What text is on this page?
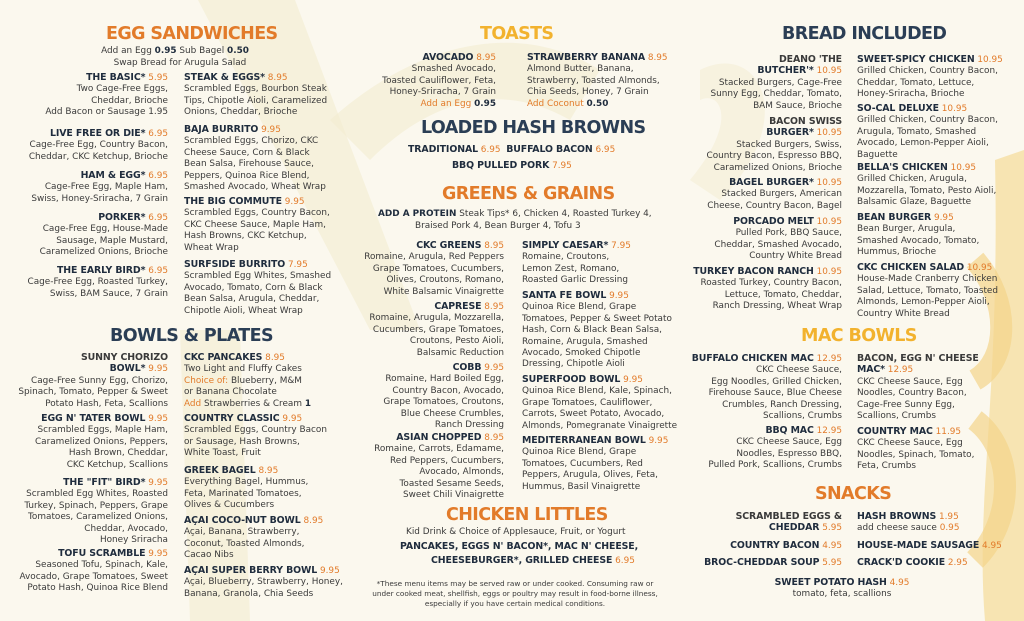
EGG SANDWICHES
Add an Egg 0.95 Sub Bagel 0.50
Swap Bread for Arugula Salad
THE BASIC* 5.95
Two Cage-Free Eggs,
Cheddar, Brioche
Add Bacon or Sausage 1.95
LIVE FREE OR DIE* 6.95
Cage-Free Egg, Country Bacon,
Cheddar, CKC Ketchup, Brioche
HAM & EGG* 6.95
Cage-Free Egg, Maple Ham,
Swiss, Honey-Sriracha, 7 Grain
PORKER* 6.95
Cage-Free Egg, House-Made
Sausage, Maple Mustard,
Caramelized Onions, Brioche
THE EARLY BIRD* 6.95
Cage-Free Egg, Roasted Turkey,
Swiss, BAM Sauce, 7 Grain
STEAK & EGGS* 8.95
Scrambled Eggs, Bourbon Steak
Tips, Chipotle Aioli, Caramelized
Onions, Cheddar, Brioche
BAJA BURRITO 9.95
Scrambled Eggs, Chorizo, CKC
Cheese Sauce, Corn & Black
Bean Salsa, Firehouse Sauce,
Peppers, Quinoa Rice Blend,
Smashed Avocado, Wheat Wrap
THE BIG COMMUTE 9.95
Scrambled Eggs, Country Bacon,
CKC Cheese Sauce, Maple Ham,
Hash Browns, CKC Ketchup,
Wheat Wrap
SURFSIDE BURRITO 7.95
Scrambled Egg Whites, Smashed
Avocado, Tomato, Corn & Black
Bean Salsa, Arugula, Cheddar,
Chipotle Aioli, Wheat Wrap
BOWLS & PLATES
SUNNY CHORIZO
BOWL* 9.95
Cage-Free Sunny Egg, Chorizo,
Spinach, Tomato, Pepper & Sweet
Potato Hash, Feta, Scallions
EGG N' TATER BOWL 9.95
Scrambled Eggs, Maple Ham,
Caramelized Onions, Peppers,
Hash Brown, Cheddar,
CKC Ketchup, Scallions
THE "FIT" BIRD* 9.95
Scrambled Egg Whites, Roasted
Turkey, Spinach, Peppers, Grape
Tomatoes, Caramelized Onions,
Cheddar, Avocado,
Honey Sriracha
TOFU SCRAMBLE 9.95
Seasoned Tofu, Spinach, Kale,
Avocado, Grape Tomatoes, Sweet
Potato Hash, Quinoa Rice Blend
CKC PANCAKES 8.95
Two Light and Fluffy Cakes
Choice of: Blueberry, M&M
or Banana Chocolate
Add Strawberries & Cream 1
COUNTRY CLASSIC 9.95
Scrambled Eggs, Country Bacon
or Sausage, Hash Browns,
White Toast, Fruit
GREEK BAGEL 8.95
Everything Bagel, Hummus,
Feta, Marinated Tomatoes,
Olives & Cucumbers
AÇAI COCO-NUT BOWL 8.95
Açai, Banana, Strawberry,
Coconut, Toasted Almonds,
Cacao Nibs
AÇAI SUPER BERRY BOWL 9.95
Açai, Blueberry, Strawberry, Honey,
Banana, Granola, Chia Seeds
TOASTS
AVOCADO 8.95
Smashed Avocado,
Toasted Cauliflower, Feta,
Honey-Sriracha, 7 Grain
Add an Egg 0.95
STRAWBERRY BANANA 8.95
Almond Butter, Banana,
Strawberry, Toasted Almonds,
Chia Seeds, Honey, 7 Grain
Add Coconut 0.50
LOADED HASH BROWNS
TRADITIONAL 6.95 BUFFALO BACON 6.95
BBQ PULLED PORK 7.95
GREENS & GRAINS
ADD A PROTEIN Steak Tips* 6, Chicken 4, Roasted Turkey 4,
Braised Pork 4, Bean Burger 4, Tofu 3
CKC GREENS 8.95
Romaine, Arugula, Red Peppers
Grape Tomatoes, Cucumbers,
Olives, Croutons, Romano,
White Balsamic Vinaigrette
CAPRESE 8.95
Romaine, Arugula, Mozzarella,
Cucumbers, Grape Tomatoes,
Croutons, Pesto Aioli,
Balsamic Reduction
COBB 9.95
Romaine, Hard Boiled Egg,
Country Bacon, Avocado,
Grape Tomatoes, Croutons,
Blue Cheese Crumbles,
Ranch Dressing
ASIAN CHOPPED 8.95
Romaine, Carrots, Edamame,
Red Peppers, Cucumbers,
Avocado, Almonds,
Toasted Sesame Seeds,
Sweet Chili Vinaigrette
SIMPLY CAESAR* 7.95
Romaine, Croutons,
Lemon Zest, Romano,
Roasted Garlic Dressing
SANTA FE BOWL 9.95
Quinoa Rice Blend, Grape
Tomatoes, Pepper & Sweet Potato
Hash, Corn & Black Bean Salsa,
Romaine, Arugula, Smashed
Avocado, Smoked Chipotle
Dressing, Chipotle Aioli
SUPERFOOD BOWL 9.95
Quinoa Rice Blend, Kale, Spinach,
Grape Tomatoes, Cauliflower,
Carrots, Sweet Potato, Avocado,
Almonds, Pomegranate Vinaigrette
MEDITERRANEAN BOWL 9.95
Quinoa Rice Blend, Grape
Tomatoes, Cucumbers, Red
Peppers, Arugula, Olives, Feta,
Hummus, Basil Vinaigrette
CHICKEN LITTLES
Kid Drink & Choice of Applesauce, Fruit, or Yogurt
PANCAKES, EGGS N' BACON*, MAC N' CHEESE,
CHEESEBURGER*, GRILLED CHEESE 6.95
*These menu items may be served raw or under cooked. Consuming raw or
under cooked meat, shellfish, eggs or poultry may result in food-borne illness,
especially if you have certain medical conditions.
BREAD INCLUDED
DEANO 'THE
BUTCHER'* 10.95
Stacked Burgers, Cage-Free
Sunny Egg, Cheddar, Tomato,
BAM Sauce, Brioche
BACON SWISS
BURGER* 10.95
Stacked Burgers, Swiss,
Country Bacon, Espresso BBQ,
Caramelized Onions, Brioche
BAGEL BURGER* 10.95
Stacked Burgers, American
Cheese, Country Bacon, Bagel
PORCADO MELT 10.95
Pulled Pork, BBQ Sauce,
Cheddar, Smashed Avocado,
Country White Bread
TURKEY BACON RANCH 10.95
Roasted Turkey, Country Bacon,
Lettuce, Tomato, Cheddar,
Ranch Dressing, Wheat Wrap
SWEET-SPICY CHICKEN 10.95
Grilled Chicken, Country Bacon,
Cheddar, Tomato, Lettuce,
Honey-Sriracha, Brioche
SO-CAL DELUXE 10.95
Grilled Chicken, Country Bacon,
Arugula, Tomato, Smashed
Avocado, Lemon-Pepper Aioli,
Baguette
BELLA'S CHICKEN 10.95
Grilled Chicken, Arugula,
Mozzarella, Tomato, Pesto Aioli,
Balsamic Glaze, Baguette
BEAN BURGER 9.95
Bean Burger, Arugula,
Smashed Avocado, Tomato,
Hummus, Brioche
CKC CHICKEN SALAD 10.95
House-Made Cranberry Chicken
Salad, Lettuce, Tomato, Toasted
Almonds, Lemon-Pepper Aioli,
Country White Bread
MAC BOWLS
BUFFALO CHICKEN MAC 12.95
CKC Cheese Sauce,
Egg Noodles, Grilled Chicken,
Firehouse Sauce, Blue Cheese
Crumbles, Ranch Dressing,
Scallions, Crumbs
BBQ MAC 12.95
CKC Cheese Sauce, Egg
Noodles, Espresso BBQ,
Pulled Pork, Scallions, Crumbs
BACON, EGG N' CHEESE
MAC* 12.95
CKC Cheese Sauce, Egg
Noodles, Country Bacon,
Cage-Free Sunny Egg,
Scallions, Crumbs
COUNTRY MAC 11.95
CKC Cheese Sauce, Egg
Noodles, Spinach, Tomato,
Feta, Crumbs
SNACKS
SCRAMBLED EGGS &
CHEDDAR 5.95
COUNTRY BACON 4.95
BROC-CHEDDAR SOUP 5.95
HASH BROWNS 1.95
add cheese sauce 0.95
HOUSE-MADE SAUSAGE 4.95
CRACK'D COOKIE 2.95
SWEET POTATO HASH 4.95
tomato, feta, scallions
